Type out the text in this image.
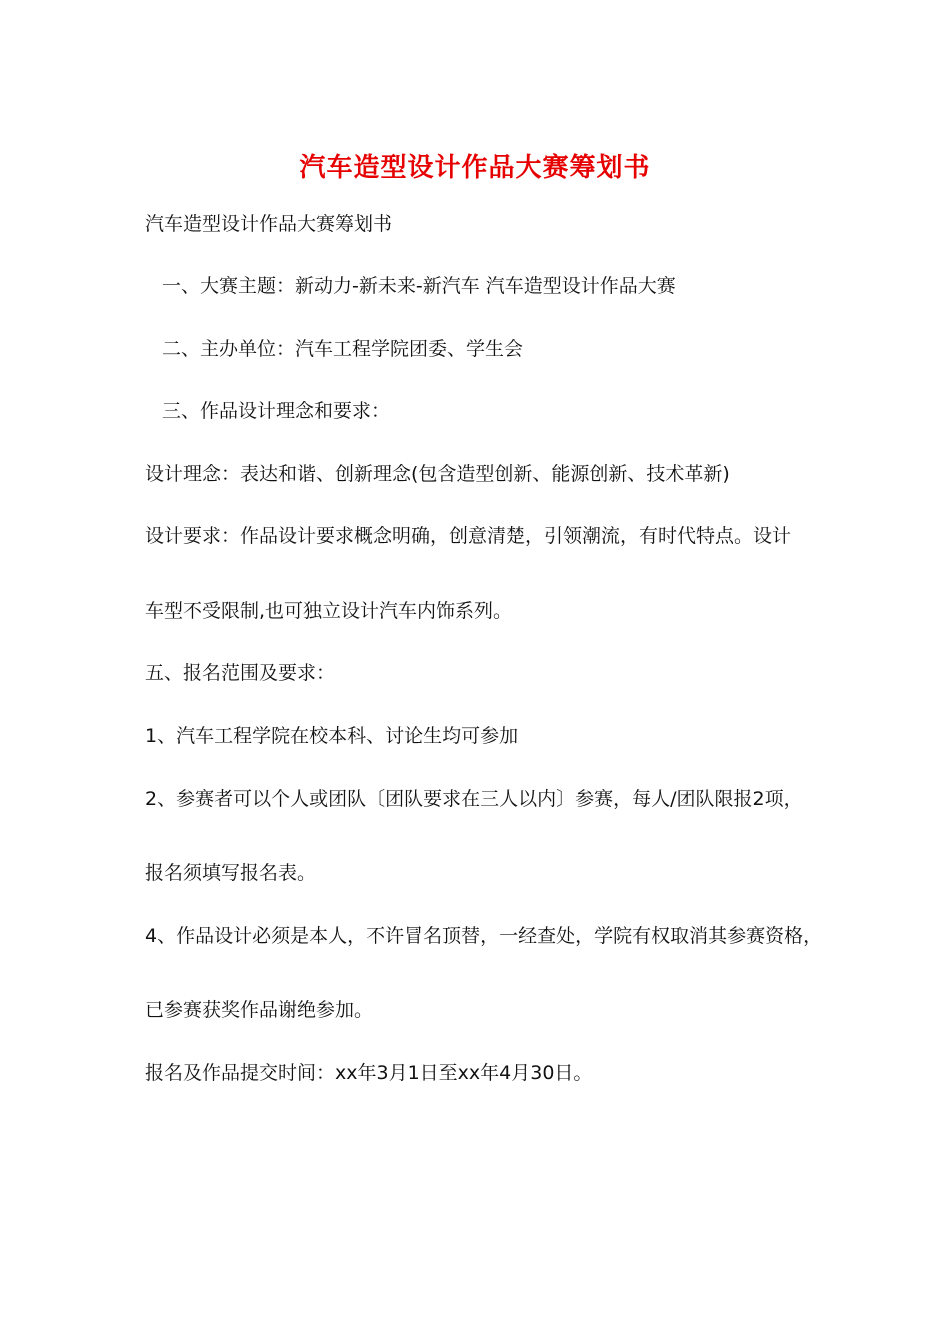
汽车造型设计作品大赛筹划书
汽车造型设计作品大赛筹划书
一、大赛主题：新动力-新未来-新汽车 汽车造型设计作品大赛
二、主办单位：汽车工程学院团委、学生会
三、作品设计理念和要求：
设计理念：表达和谐、创新理念(包含造型创新、能源创新、技术革新)
设计要求：作品设计要求概念明确，创意清楚，引领潮流，有时代特点。设计
车型不受限制,也可独立设计汽车内饰系列。
五、报名范围及要求：
1、汽车工程学院在校本科、讨论生均可参加
2、参赛者可以个人或团队〔团队要求在三人以内〕参赛，每人/团队限报2项，
报名须填写报名表。
4、作品设计必须是本人，不许冒名顶替，一经查处，学院有权取消其参赛资格，
已参赛获奖作品谢绝参加。
报名及作品提交时间：xx年3月1日至xx年4月30日。
